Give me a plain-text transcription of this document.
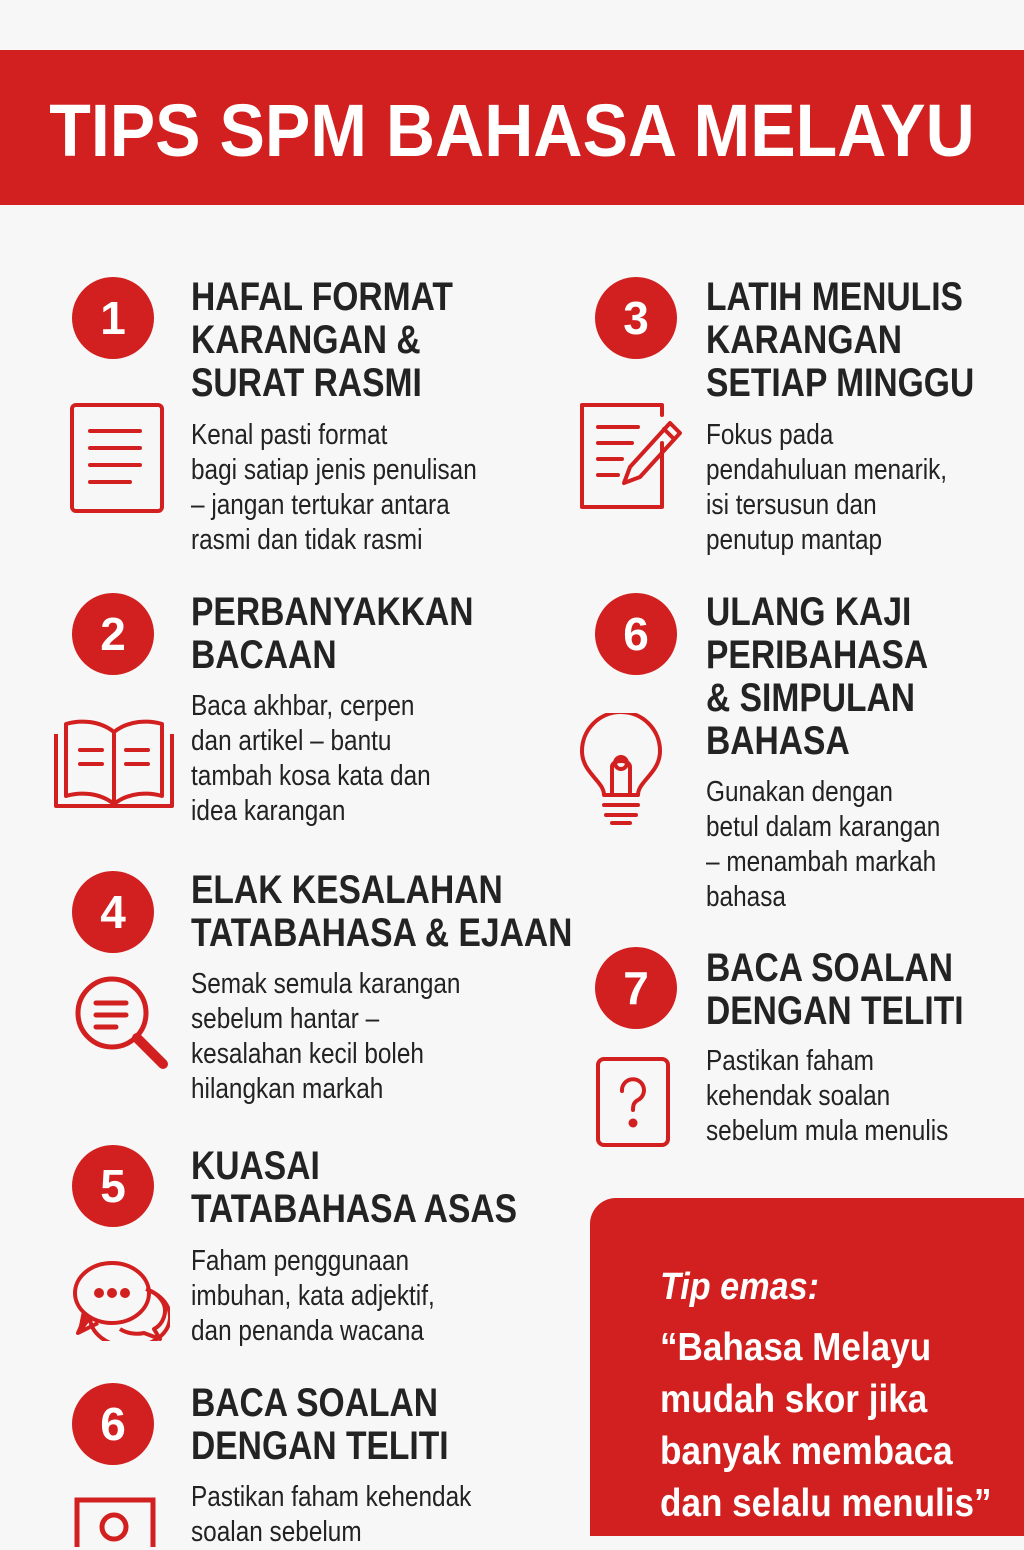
TIPS SPM BAHASA MELAYU
1	HAFAL FORMAT
KARANGAN &
SURAT RASMI
Kenal pasti format
bagi satiap jenis penulisan
– jangan tertukar antara
rasmi dan tidak rasmi
2	PERBANYAKKAN
BACAAN
Baca akhbar, cerpen
dan artikel – bantu
tambah kosa kata dan
idea karangan
4	ELAK KESALAHAN
TATABAHASA & EJAAN
Semak semula karangan
sebelum hantar –
kesalahan kecil boleh
hilangkan markah
5	KUASAI
TATABAHASA ASAS
Faham penggunaan
imbuhan, kata adjektif,
dan penanda wacana
6	BACA SOALAN
DENGAN TELITI
Pastikan faham kehendak
soalan sebelum
3	LATIH MENULIS
KARANGAN
SETIAP MINGGU
Fokus pada
pendahuluan menarik,
isi tersusun dan
penutup mantap
6	ULANG KAJI
PERIBAHASA
& SIMPULAN
BAHASA
Gunakan dengan
betul dalam karangan
– menambah markah
bahasa
7	BACA SOALAN
DENGAN TELITI
Pastikan faham
kehendak soalan
sebelum mula menulis
Tip emas:
“Bahasa Melayu
mudah skor jika
banyak membaca
dan selalu menulis”
